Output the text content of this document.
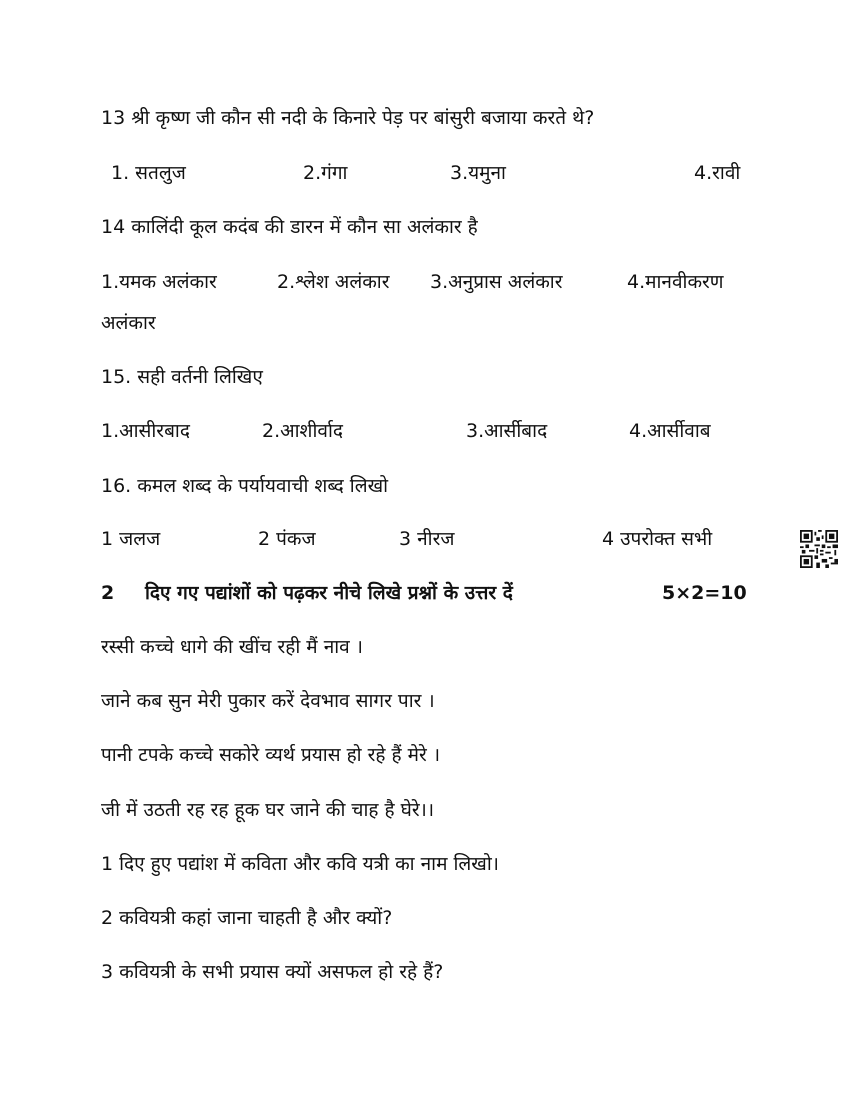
13 श्री कृष्ण जी कौन सी नदी के किनारे पेड़ पर बांसुरी बजाया करते थे?
1. सतलुज	2.गंगा	3.यमुना	4.रावी
14 कालिंदी कूल कदंब की डारन में कौन सा अलंकार है
1.यमक अलंकार	2.श्लेश अलंकार 3.अनुप्रास अलंकार	4.मानवीकरण
अलंकार
15. सही वर्तनी लिखिए
1.आसीरबाद	2.आशीर्वाद	3.आर्सीबाद	4.आर्सीवाब
16. कमल शब्द के पर्यायवाची शब्द लिखो
1 जलज	2 पंकज	3 नीरज	4 उपरोक्त सभी
2 दिए गए पद्यांशों को पढ़कर नीचे लिखे प्रश्नों के उत्तर दें	5×2=10
रस्सी कच्चे धागे की खींच रही मैं नाव ।
जाने कब सुन मेरी पुकार करें देवभाव सागर पार ।
पानी टपके कच्चे सकोरे व्यर्थ प्रयास हो रहे हैं मेरे ।
जी में उठती रह रह हूक घर जाने की चाह है घेरे।।
1 दिए हुए पद्यांश में कविता और कवि यत्री का नाम लिखो।
2 कवियत्री कहां जाना चाहती है और क्यों?
3 कवियत्री के सभी प्रयास क्यों असफल हो रहे हैं?
